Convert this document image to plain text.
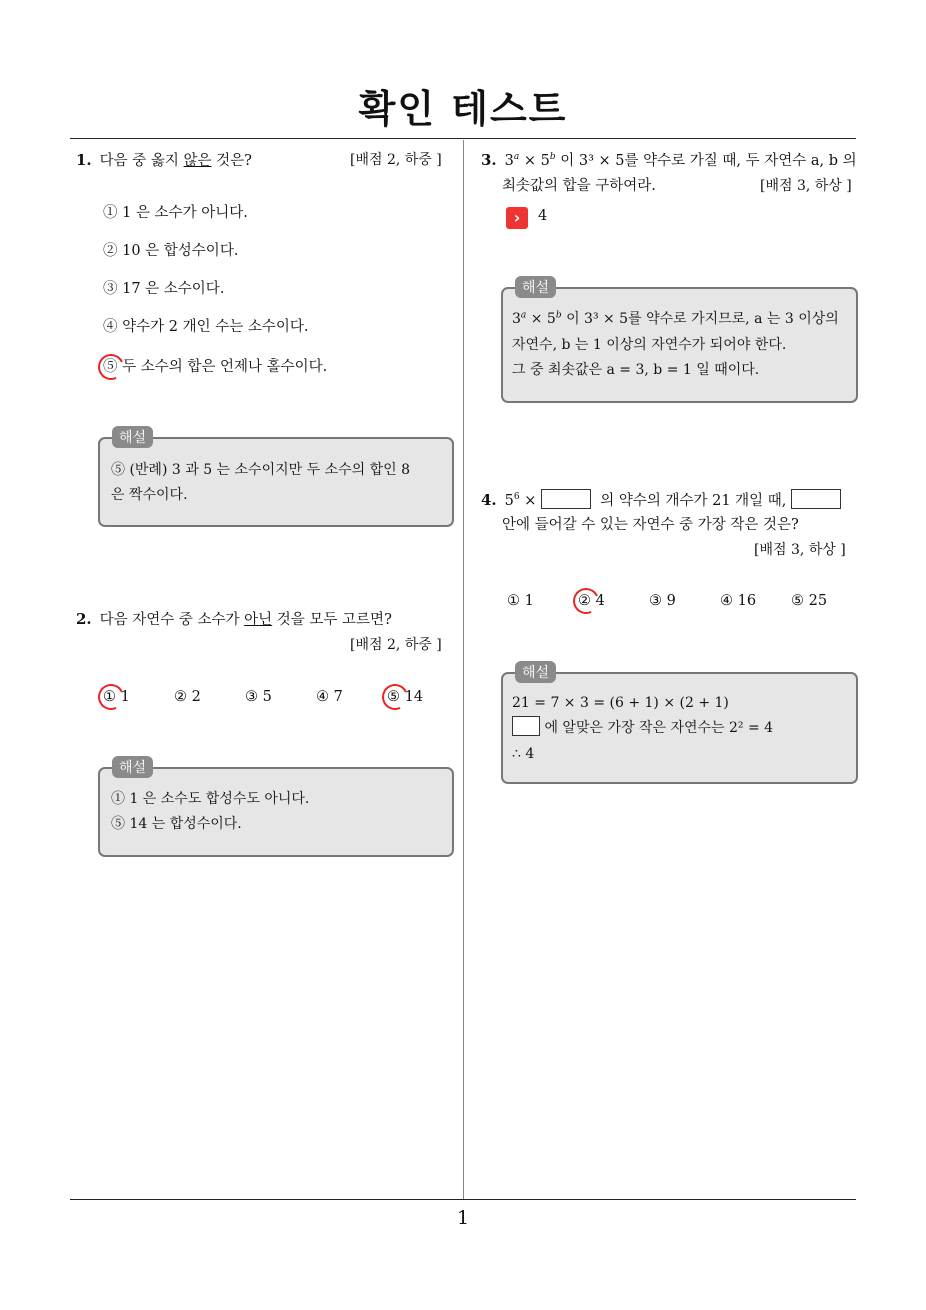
확인 테스트
1
1. 다음 중 옳지 않은 것은?	[배점 2, 하중 ]
① 1 은 소수가 아니다.
② 10 은 합성수이다.
③ 17 은 소수이다.
④ 약수가 2 개인 수는 소수이다.
⑤ 두 소수의 합은 언제나 홀수이다.
해설
⑤ (반례) 3 과 5 는 소수이지만 두 소수의 합인 8
은 짝수이다.
2. 다음 자연수 중 소수가 아닌 것을 모두 고르면?
[배점 2, 하중 ]
① 1	② 2	③ 5	④ 7	⑤ 14
해설
① 1 은 소수도 합성수도 아니다.
⑤ 14 는 합성수이다.
3. $3^a \times 5^b$ 이 3³ × 5를 약수로 가질 때, 두 자연수 a, b 의
최솟값의 합을 구하여라.	[배점 3, 하상 ]
›	4
해설
$3^a \times 5^b$ 이 3³ × 5를 약수로 가지므로, a 는 3 이상의
자연수, b 는 1 이상의 자연수가 되어야 한다.
그 중 최솟값은 a = 3, b = 1 일 때이다.
4. $5^6$ ×	의 약수의 개수가 21 개일 때,
안에 들어갈 수 있는 자연수 중 가장 작은 것은?
[배점 3, 하상 ]
① 1	② 4	③ 9	④ 16 ⑤ 25
해설
21 = 7 × 3 = (6 + 1) × (2 + 1)
에 알맞은 가장 작은 자연수는 2² = 4
∴ 4
